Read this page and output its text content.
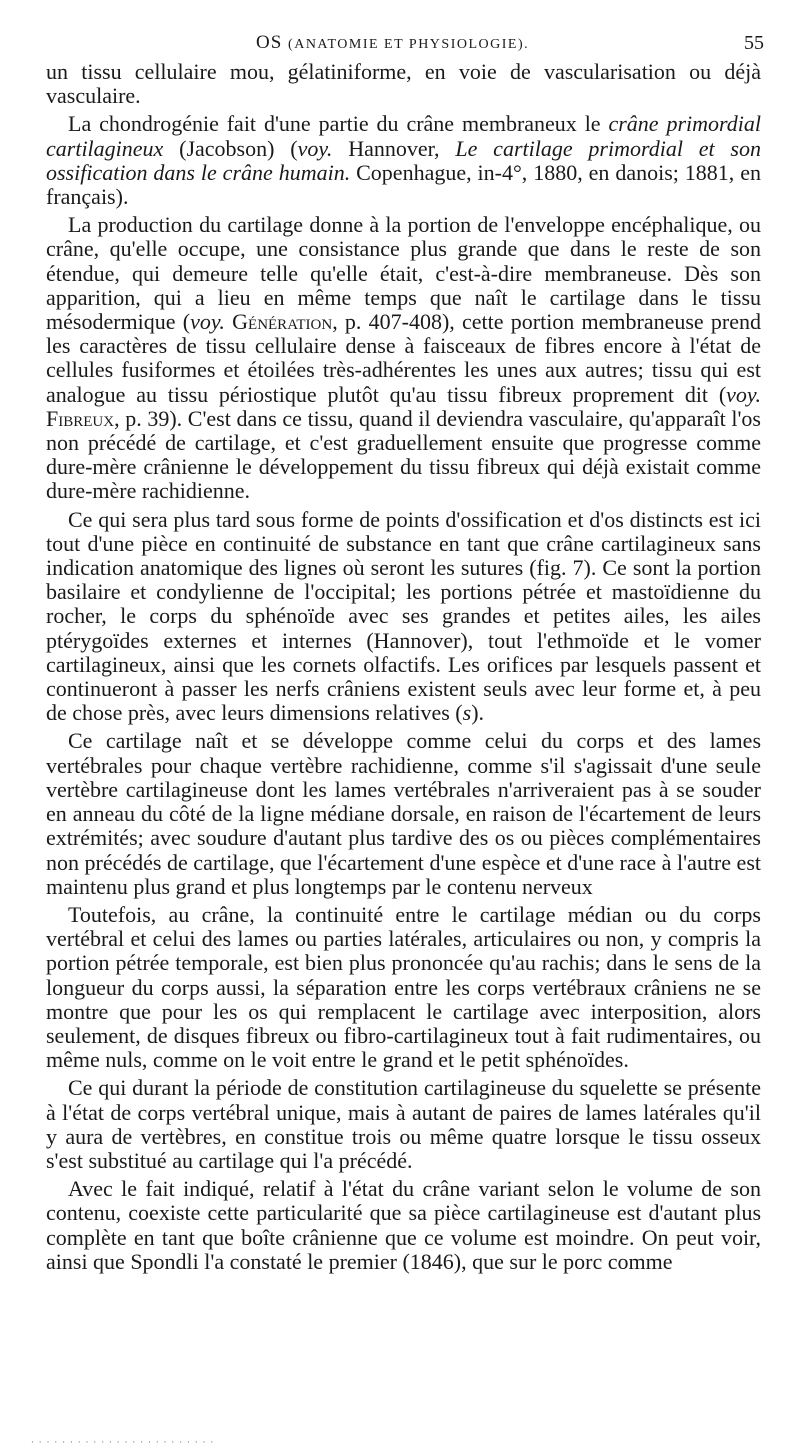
OS (ANATOMIE ET PHYSIOLOGIE).	55

un tissu cellulaire mou, gélatiniforme, en voie de vascularisation ou déjà vasculaire.

La chondrogénie fait d'une partie du crâne membraneux le crâne primordial cartilagineux (Jacobson) (voy. Hannover, Le cartilage primordial et son ossification dans le crâne humain. Copenhague, in-4°, 1880, en danois; 1881, en français).

La production du cartilage donne à la portion de l'enveloppe encéphalique, ou crâne, qu'elle occupe, une consistance plus grande que dans le reste de son étendue, qui demeure telle qu'elle était, c'est-à-dire membraneuse. Dès son apparition, qui a lieu en même temps que naît le cartilage dans le tissu mésodermique (voy. Génération, p. 407-408), cette portion membraneuse prend les caractères de tissu cellulaire dense à faisceaux de fibres encore à l'état de cellules fusiformes et étoilées très-adhérentes les unes aux autres; tissu qui est analogue au tissu périostique plutôt qu'au tissu fibreux proprement dit (voy. Fibreux, p. 39). C'est dans ce tissu, quand il deviendra vasculaire, qu'apparaît l'os non précédé de cartilage, et c'est graduellement ensuite que progresse comme dure-mère crânienne le développement du tissu fibreux qui déjà existait comme dure-mère rachidienne.

Ce qui sera plus tard sous forme de points d'ossification et d'os distincts est ici tout d'une pièce en continuité de substance en tant que crâne cartilagineux sans indication anatomique des lignes où seront les sutures (fig. 7). Ce sont la portion basilaire et condylienne de l'occipital; les portions pétrée et mastoïdienne du rocher, le corps du sphénoïde avec ses grandes et petites ailes, les ailes ptérygoïdes externes et internes (Hannover), tout l'ethmoïde et le vomer cartilagineux, ainsi que les cornets olfactifs. Les orifices par lesquels passent et continueront à passer les nerfs crâniens existent seuls avec leur forme et, à peu de chose près, avec leurs dimensions relatives (s).

Ce cartilage naît et se développe comme celui du corps et des lames vertébrales pour chaque vertèbre rachidienne, comme s'il s'agissait d'une seule vertèbre cartilagineuse dont les lames vertébrales n'arriveraient pas à se souder en anneau du côté de la ligne médiane dorsale, en raison de l'écartement de leurs extrémités; avec soudure d'autant plus tardive des os ou pièces complémentaires non précédés de cartilage, que l'écartement d'une espèce et d'une race à l'autre est maintenu plus grand et plus longtemps par le contenu nerveux

Toutefois, au crâne, la continuité entre le cartilage médian ou du corps vertébral et celui des lames ou parties latérales, articulaires ou non, y compris la portion pétrée temporale, est bien plus prononcée qu'au rachis; dans le sens de la longueur du corps aussi, la séparation entre les corps vertébraux crâniens ne se montre que pour les os qui remplacent le cartilage avec interposition, alors seulement, de disques fibreux ou fibro-cartilagineux tout à fait rudimentaires, ou même nuls, comme on le voit entre le grand et le petit sphénoïdes.

Ce qui durant la période de constitution cartilagineuse du squelette se présente à l'état de corps vertébral unique, mais à autant de paires de lames latérales qu'il y aura de vertèbres, en constitue trois ou même quatre lorsque le tissu osseux s'est substitué au cartilage qui l'a précédé.

Avec le fait indiqué, relatif à l'état du crâne variant selon le volume de son contenu, coexiste cette particularité que sa pièce cartilagineuse est d'autant plus complète en tant que boîte crânienne que ce volume est moindre. On peut voir, ainsi que Spondli l'a constaté le premier (1846), que sur le porc comme

························
